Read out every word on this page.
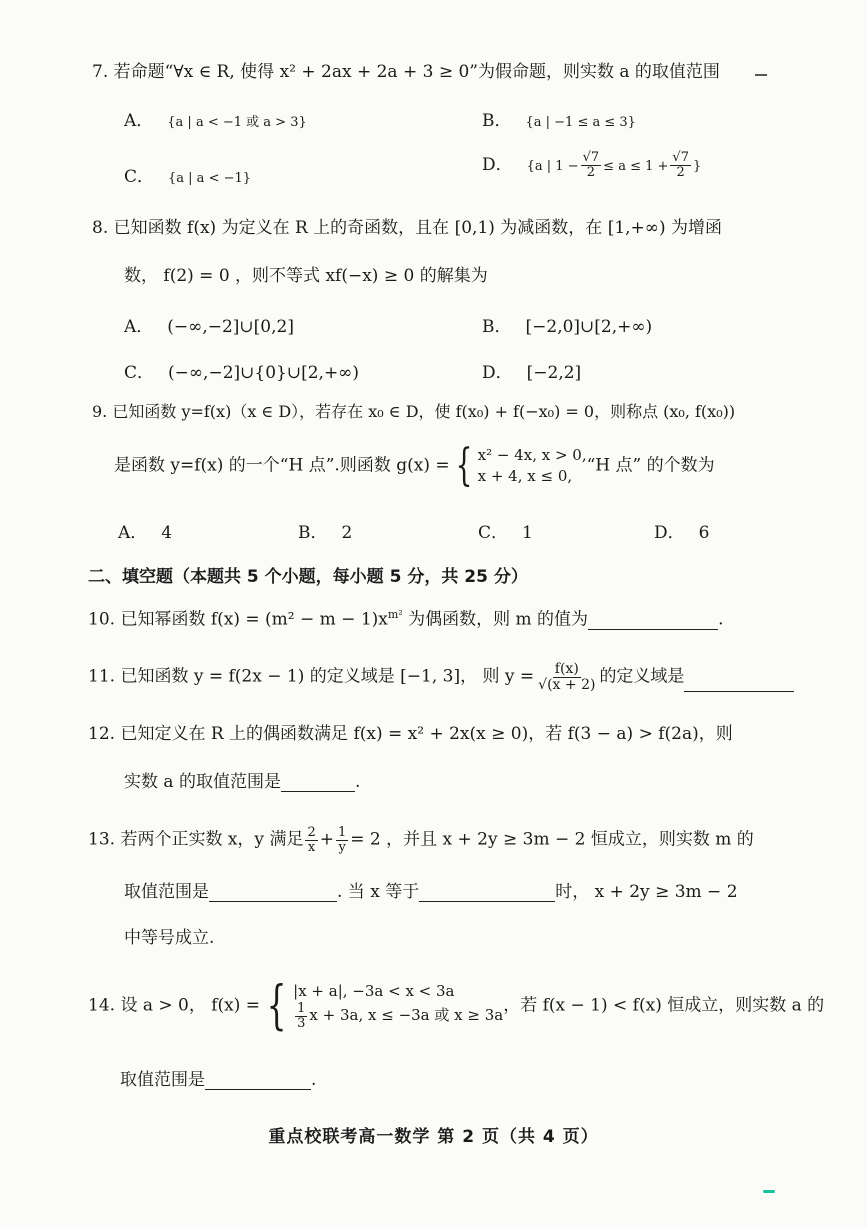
7. 若命题“∀x ∈ R, 使得 x² + 2ax + 2a + 3 ≥ 0”为假命题，则实数 a 的取值范围
A． {a | a < −1 或 a > 3}	B． {a | −1 ≤ a ≤ 3}
C． {a | a < −1}
D． {a | $1 - \frac{√7}{2} \le a \le 1 + \frac{√7}{2}$ }
8. 已知函数 f(x) 为定义在 R 上的奇函数，且在 [0,1) 为减函数，在 [1,+∞) 为增函
数， f(2) = 0 ，则不等式 xf(−x) ≥ 0 的解集为
A． (−∞,−2]∪[0,2]	B． [−2,0]∪[2,+∞)
C． (−∞,−2]∪{0}∪[2,+∞)	D． [−2,2]
9. 已知函数 y=f(x)（x ∈ D），若存在 x₀ ∈ D，使 f(x₀) + f(−x₀) = 0，则称点 (x₀, f(x₀))
是函数 y=f(x) 的一个“H 点”.则函数 g(x) = { x² − 4x, x > 0,
x + 4, x ≤ 0,
“H 点” 的个数为
A． 4	B． 2	C． 1	D． 6
二、填空题（本题共 5 个小题，每小题 5 分，共 25 分）
10. 已知幂函数 $f(x) = (m^2 - m - 1)x^{m^2}$ 为偶函数，则 m 的值为	.
11. 已知函数 y = f(2x − 1) 的定义域是 [−1, 3]， 则 $y = \frac{f(x)}{√(x + 2)}$ 的定义域是
12. 已知定义在 R 上的偶函数满足 f(x) = x² + 2x(x ≥ 0)，若 f(3 − a) > f(2a)，则
实数 a 的取值范围是	.
13. 若两个正实数 x，y 满足 $\frac{2}{x} + \frac{1}{y} = 2$ ，并且 x + 2y ≥ 3m − 2 恒成立，则实数 m 的
取值范围是	. 当 x 等于	时， x + 2y ≥ 3m − 2
中等号成立.
14. 设 a > 0， f(x) = { |x + a|, −3a < x < 3a
$\frac{1}{3}$ x + 3a, x ≤ −3a 或 x ≥ 3a ，若 f(x − 1) < f(x) 恒成立，则实数 a 的
取值范围是	.
重点校联考高一数学 第 2 页（共 4 页）
